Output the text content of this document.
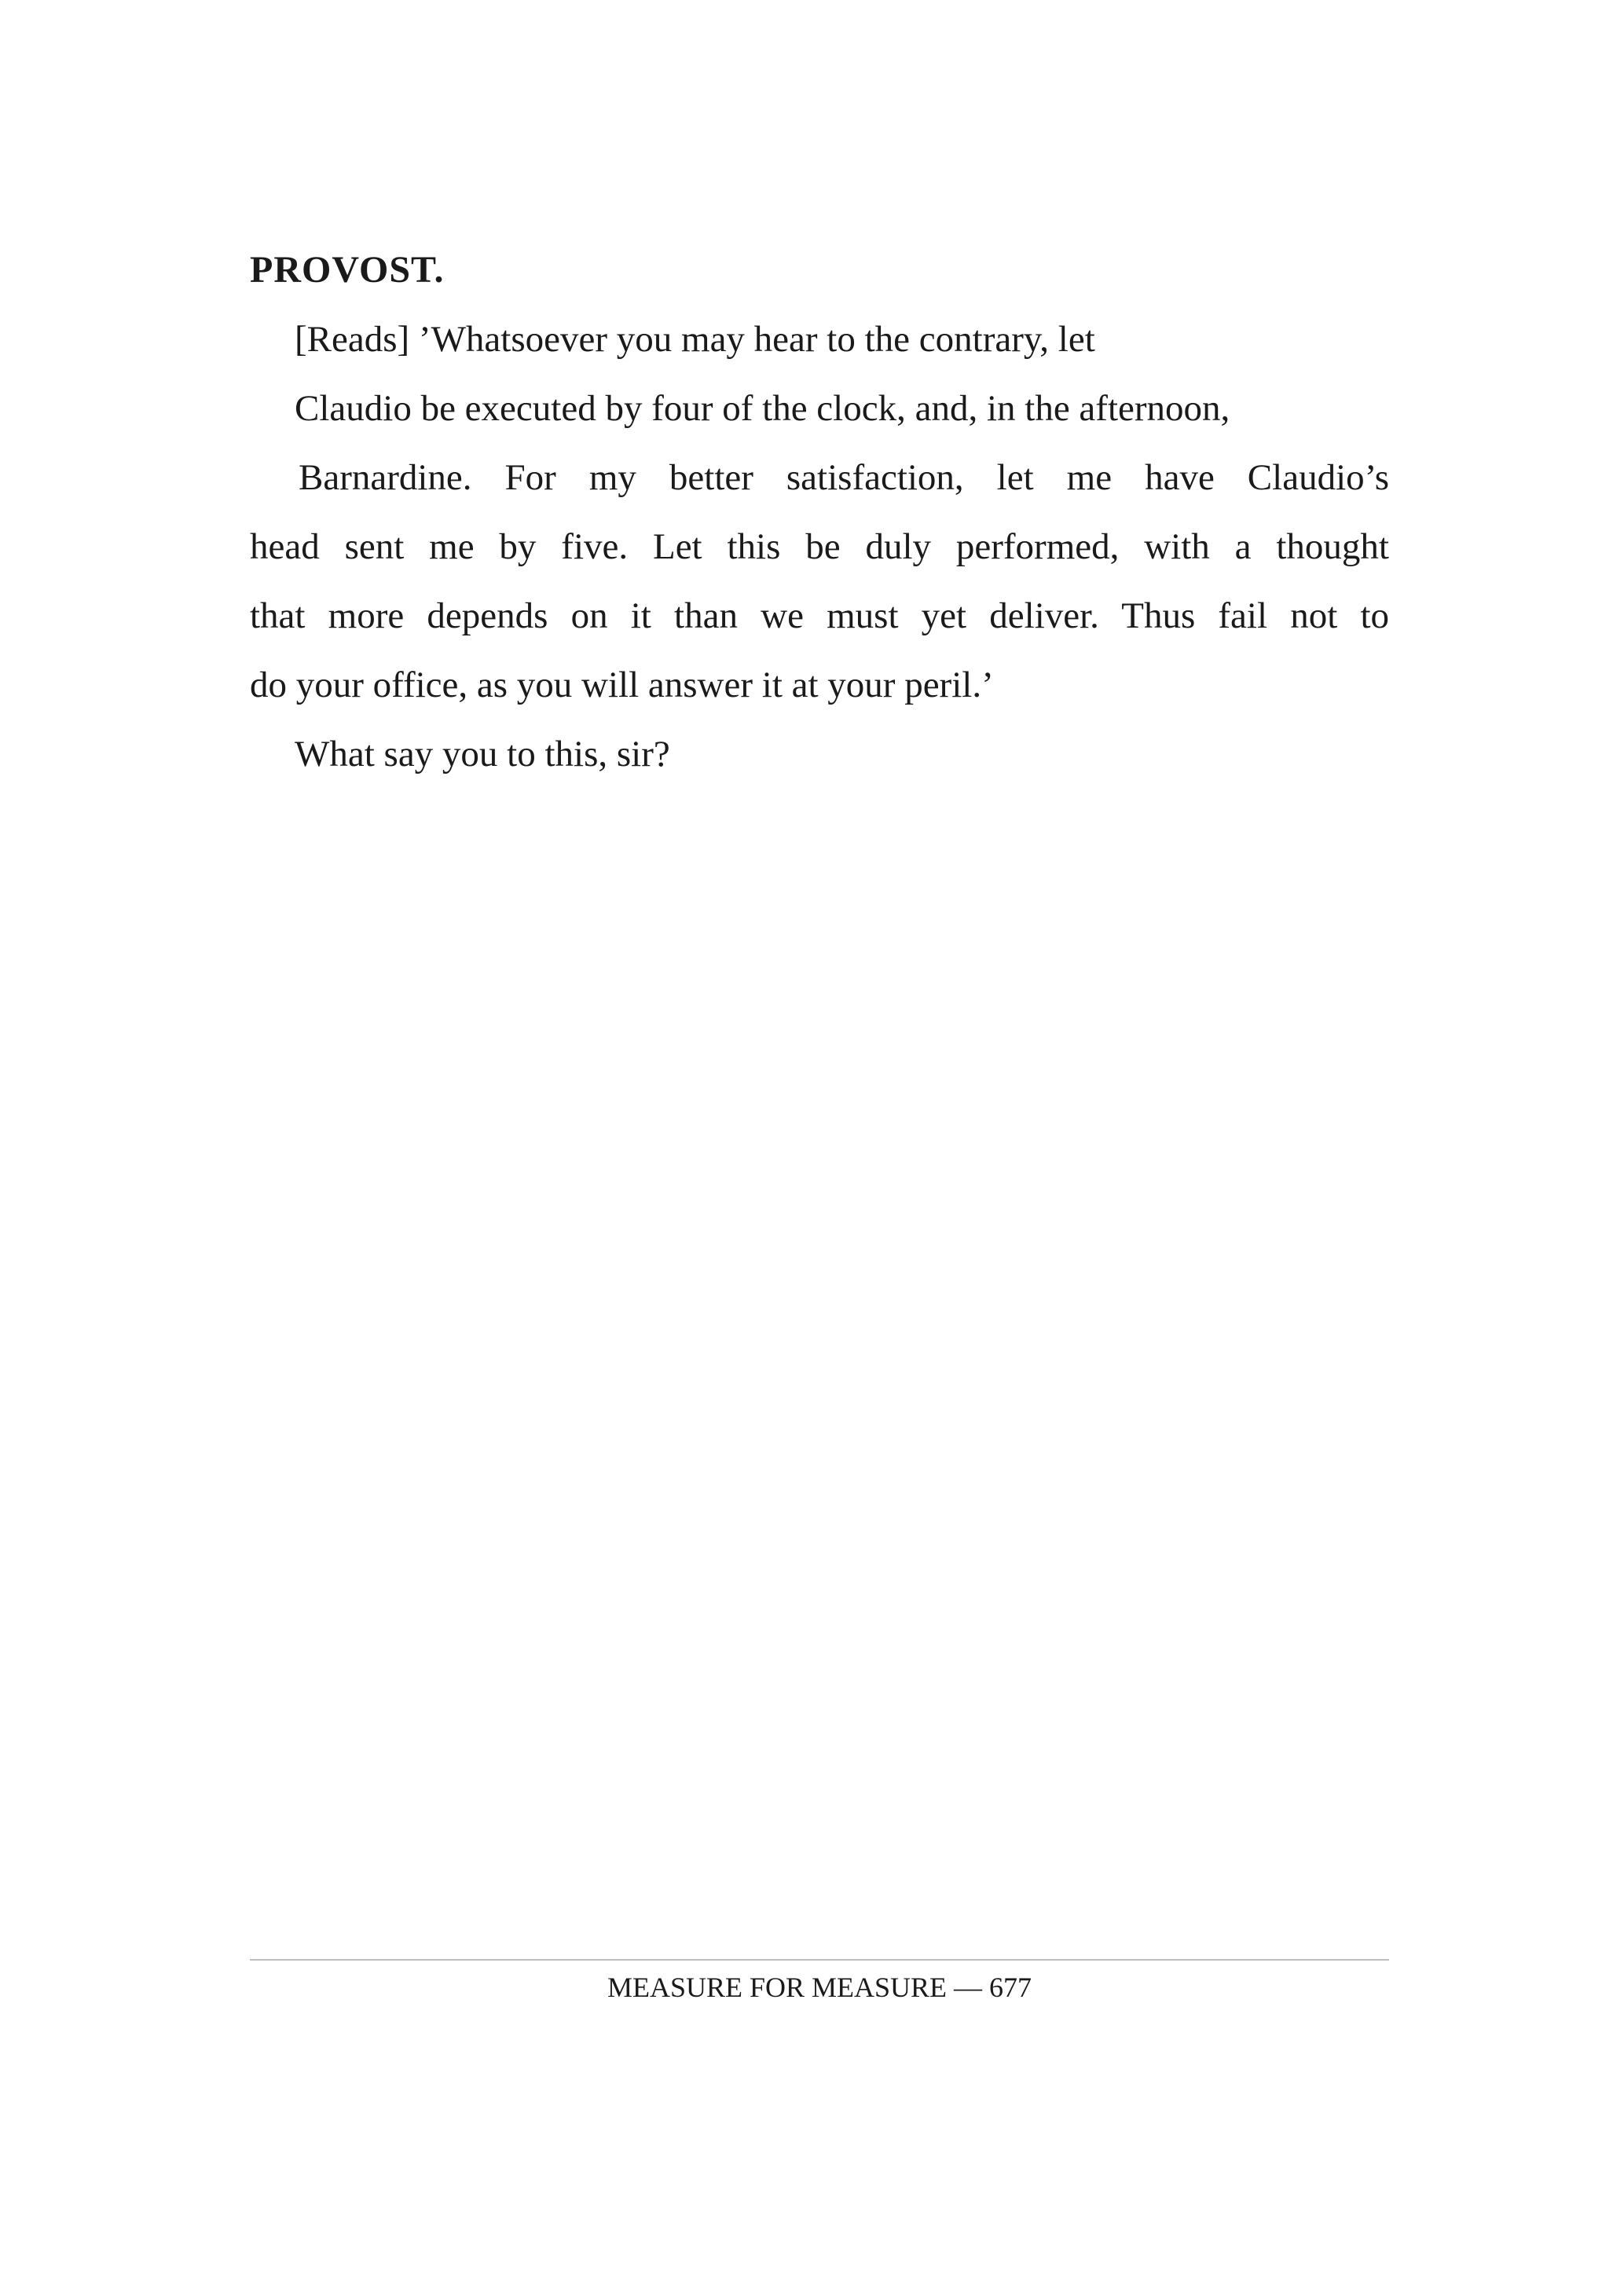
PROVOST.

[Reads] ’Whatsoever you may hear to the contrary, let

Claudio be executed by four of the clock, and, in the afternoon,

Barnardine. For my better satisfaction, let me have Claudio’s

head sent me by five. Let this be duly performed, with a thought

that more depends on it than we must yet deliver. Thus fail not to

do your office, as you will answer it at your peril.’

What say you to this, sir?

MEASURE FOR MEASURE — 677
